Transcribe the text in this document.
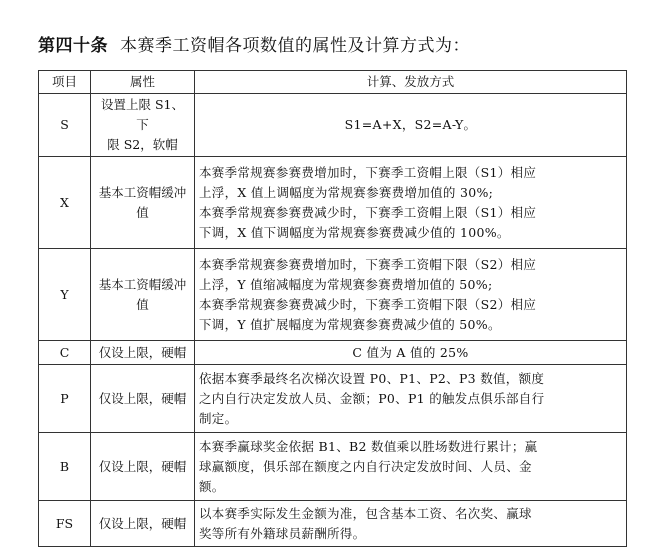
第四十条 本赛季工资帽各项数值的属性及计算方式为：
项目	属性	计算、发放方式
S	设置上限 S1、下
限 S2，软帽	S1=A+X，S2=A-Y。

X	基本工资帽缓冲
值	本赛季常规赛参赛费增加时，下赛季工资帽上限（S1）相应
上浮，X 值上调幅度为常规赛参赛费增加值的 30%;
本赛季常规赛参赛费减少时，下赛季工资帽上限（S1）相应
下调，X 值下调幅度为常规赛参赛费减少值的 100%。

Y	基本工资帽缓冲
值	本赛季常规赛参赛费增加时，下赛季工资帽下限（S2）相应
上浮，Y 值缩减幅度为常规赛参赛费增加值的 50%;
本赛季常规赛参赛费减少时，下赛季工资帽下限（S2）相应
下调，Y 值扩展幅度为常规赛参赛费减少值的 50%。

C	仅设上限，硬帽	C 值为 A 值的 25%

P	仅设上限，硬帽	依据本赛季最终名次梯次设置 P0、P1、P2、P3 数值，额度
之内自行决定发放人员、金额；P0、P1 的触发点俱乐部自行
制定。

B	仅设上限，硬帽	本赛季赢球奖金依据 B1、B2 数值乘以胜场数进行累计；赢
球赢额度，俱乐部在额度之内自行决定发放时间、人员、金
额。

FS	仅设上限，硬帽	以本赛季实际发生金额为准，包含基本工资、名次奖、赢球
奖等所有外籍球员薪酬所得。
